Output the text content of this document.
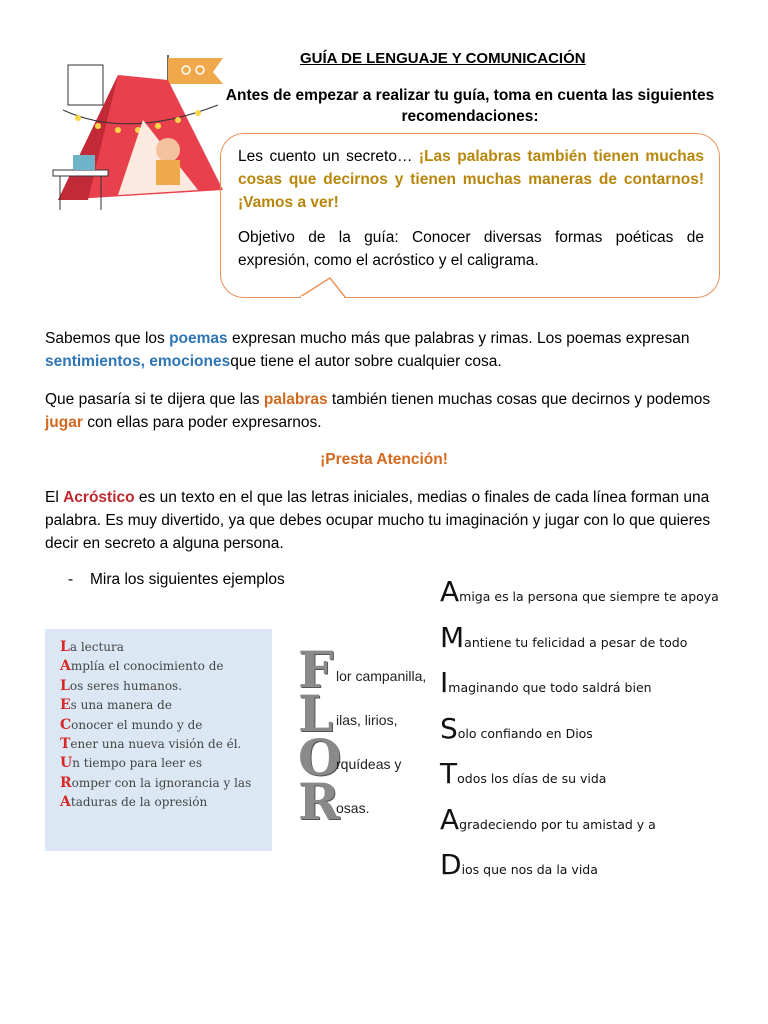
GUÍA DE LENGUAJE Y COMUNICACIÓN
Antes de empezar a realizar tu guía, toma en cuenta las siguientes recomendaciones:
Les cuento un secreto… ¡Las palabras también tienen muchas cosas que decirnos y tienen muchas maneras de contarnos!¡Vamos a ver!
Objetivo de la guía: Conocer diversas formas poéticas de expresión, como el acróstico y el caligrama.
Sabemos que los poemas expresan mucho más que palabras y rimas. Los poemas expresan sentimientos, emocionesque tiene el autor sobre cualquier cosa.
Que pasaría si te dijera que las palabras también tienen muchas cosas que decirnos y podemos jugar con ellas para poder expresarnos.
¡Presta Atención!
El Acróstico es un texto en el que las letras iniciales, medias o finales de cada línea forman una palabra. Es muy divertido, ya que debes ocupar mucho tu imaginación y jugar con lo que quieres decir en secreto a alguna persona.
- Mira los siguientes ejemplos
La lectura
Amplía el conocimiento de
Los seres humanos.
Es una manera de
Conocer el mundo y de
Tener una nueva visión de él.
Un tiempo para leer es
Romper con la ignorancia y las
Ataduras de la opresión
F lor campanilla,
L ilas, lirios,
Orquídeas y
Rosas.
Amiga es la persona que siempre te apoya
Mantiene tu felicidad a pesar de todo
Imaginando que todo saldrá bien
Solo confiando en Dios
Todos los días de su vida
Agradeciendo por tu amistad y a
Dios que nos da la vida
